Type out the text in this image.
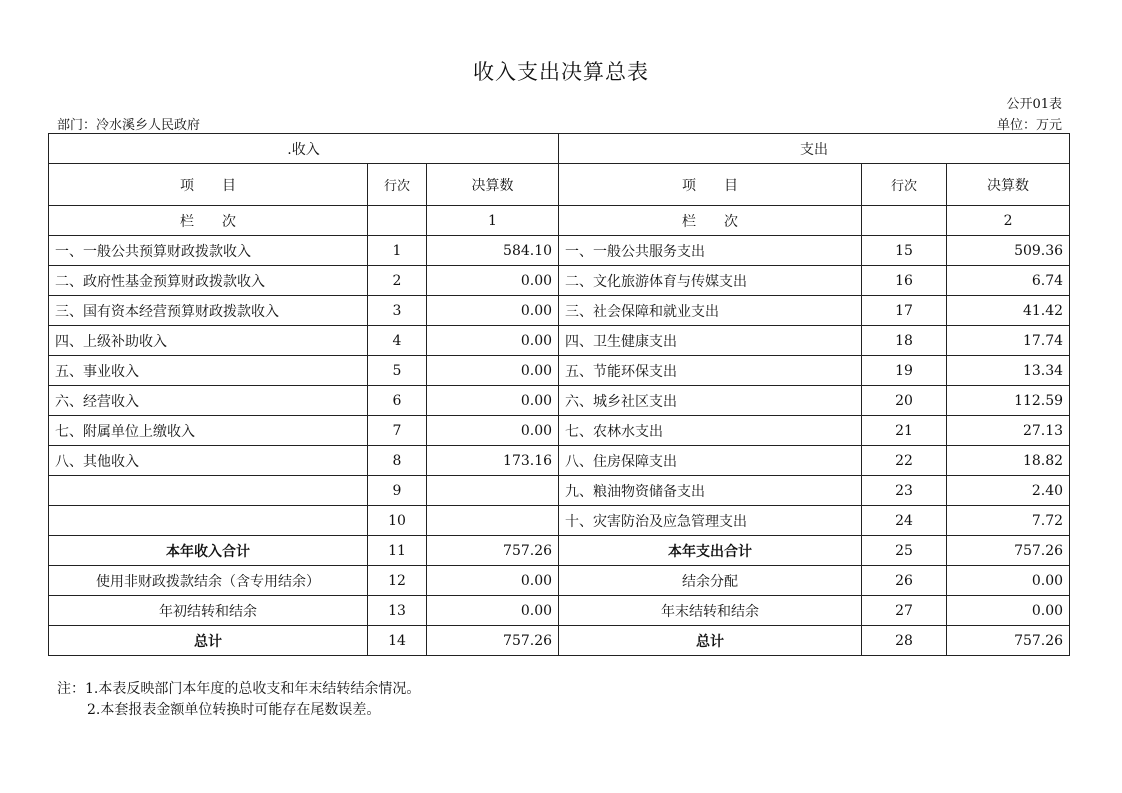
收入支出决算总表
公开01表
部门：冷水溪乡人民政府	单位：万元
.收入			支出		
项　　目	行次	决算数	项　　目	行次	决算数
栏　　次		1	栏　　次		2
一、一般公共预算财政拨款收入	1	584.10	一、一般公共服务支出	15	509.36
二、政府性基金预算财政拨款收入	2	0.00	二、文化旅游体育与传媒支出	16	6.74
三、国有资本经营预算财政拨款收入	3	0.00	三、社会保障和就业支出	17	41.42
四、上级补助收入	4	0.00	四、卫生健康支出	18	17.74
五、事业收入	5	0.00	五、节能环保支出	19	13.34
六、经营收入	6	0.00	六、城乡社区支出	20	112.59
七、附属单位上缴收入	7	0.00	七、农林水支出	21	27.13
八、其他收入	8	173.16	八、住房保障支出	22	18.82
	9		九、粮油物资储备支出	23	2.40
	10		十、灾害防治及应急管理支出	24	7.72
本年收入合计	11	757.26	本年支出合计	25	757.26
使用非财政拨款结余（含专用结余）	12	0.00	结余分配	26	0.00
年初结转和结余	13	0.00	年末结转和结余	27	0.00
总计	14	757.26	总计	28	757.26
注：1.本表反映部门本年度的总收支和年末结转结余情况。
2.本套报表金额单位转换时可能存在尾数误差。
